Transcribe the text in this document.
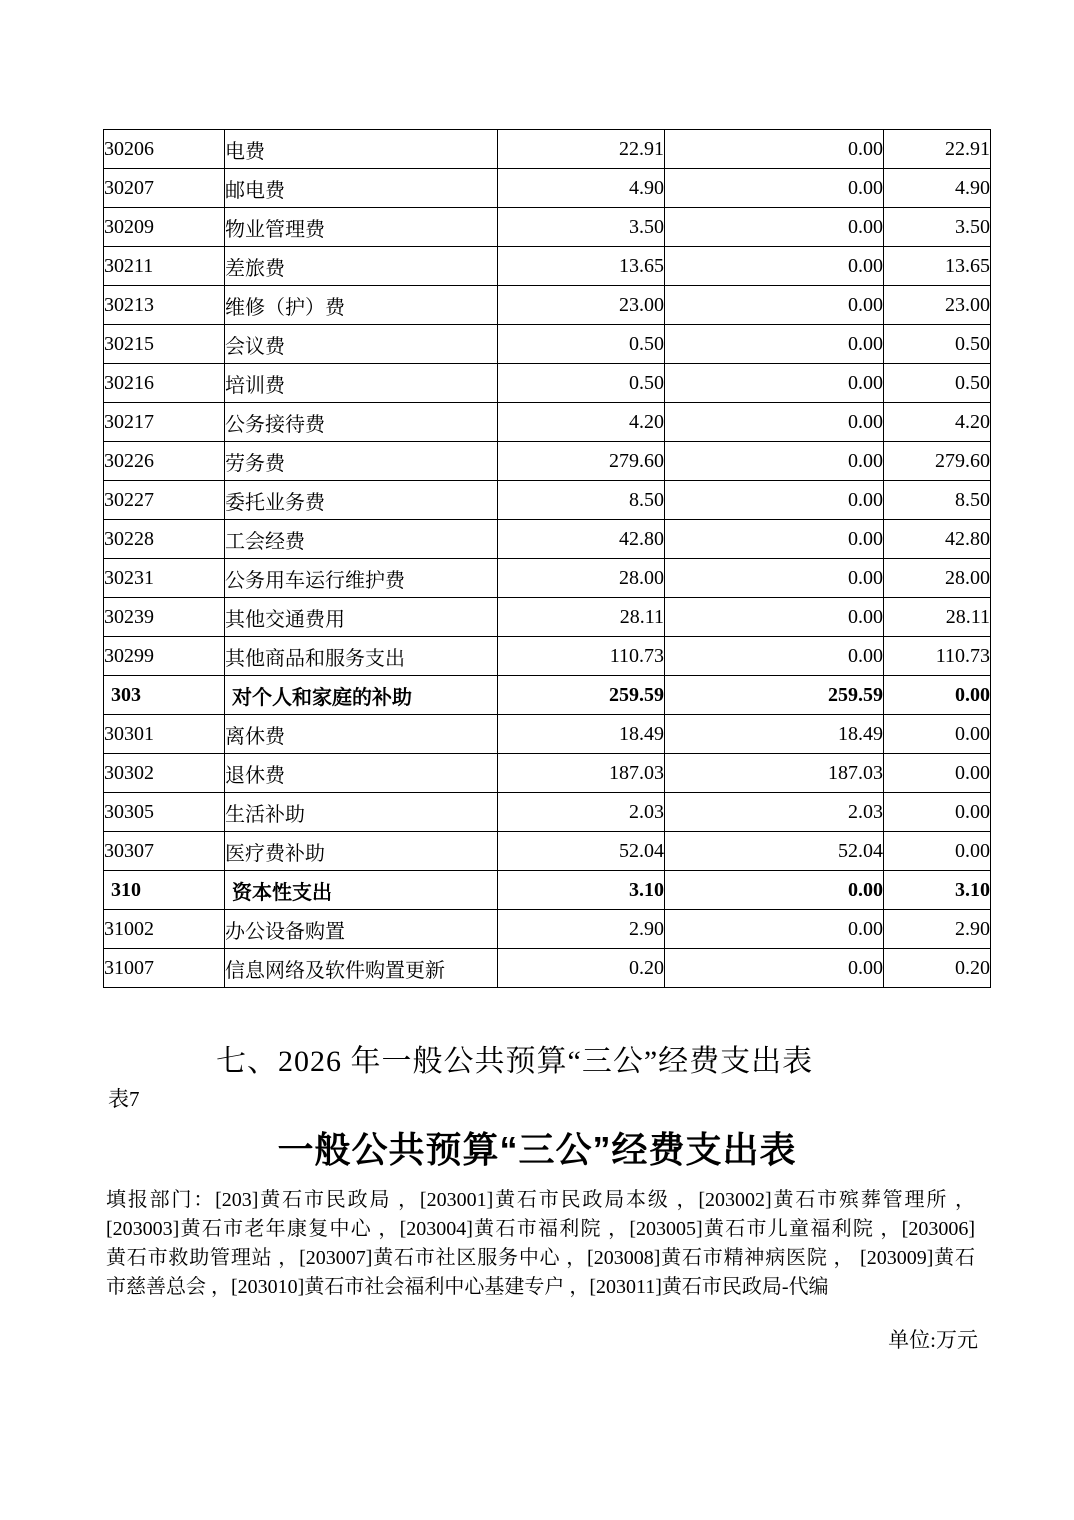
30206	电费	22.91	0.00	22.91
30207	邮电费	4.90	0.00	4.90
30209	物业管理费	3.50	0.00	3.50
30211	差旅费	13.65	0.00	13.65
30213	维修（护）费	23.00	0.00	23.00
30215	会议费	0.50	0.00	0.50
30216	培训费	0.50	0.00	0.50
30217	公务接待费	4.20	0.00	4.20
30226	劳务费	279.60	0.00	279.60
30227	委托业务费	8.50	0.00	8.50
30228	工会经费	42.80	0.00	42.80
30231	公务用车运行维护费	28.00	0.00	28.00
30239	其他交通费用	28.11	0.00	28.11
30299	其他商品和服务支出	110.73	0.00	110.73
303	对个人和家庭的补助	259.59	259.59	0.00
30301	离休费	18.49	18.49	0.00
30302	退休费	187.03	187.03	0.00
30305	生活补助	2.03	2.03	0.00
30307	医疗费补助	52.04	52.04	0.00
310	资本性支出	3.10	0.00	3.10
31002	办公设备购置	2.90	0.00	2.90
31007	信息网络及软件购置更新	0.20	0.00	0.20
七、2026 年一般公共预算“三公”经费支出表
表7
一般公共预算“三公”经费支出表
填报部门：[203]黄石市民政局 ，[203001]黄石市民政局本级 ，[203002]黄石市殡葬管理所 ，
[203003]黄石市老年康复中心 ，[203004]黄石市福利院 ，[203005]黄石市儿童福利院 ，[203006]
黄石市救助管理站 ，[203007]黄石市社区服务中心 ，[203008]黄石市精神病医院 ， [203009]黄石
市慈善总会 ，[203010]黄石市社会福利中心基建专户 ，[203011]黄石市民政局-代编
单位:万元
